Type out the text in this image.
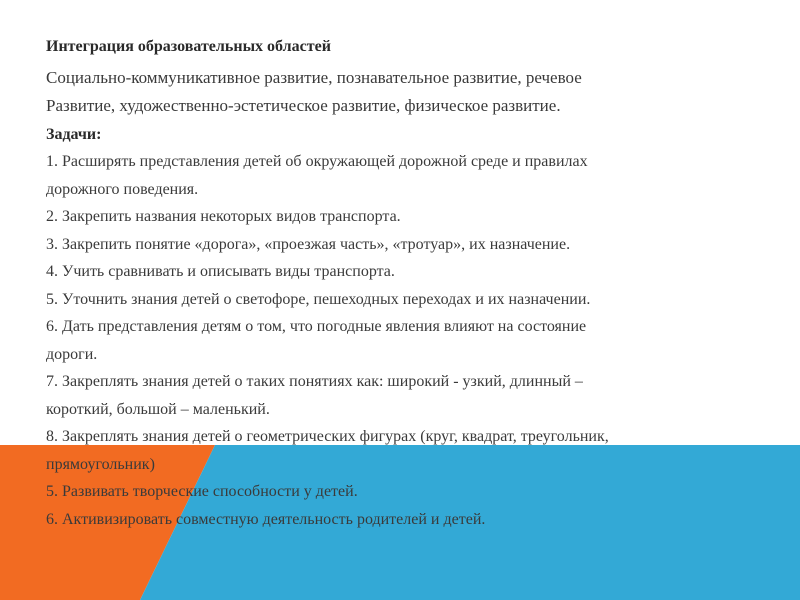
Интеграция образовательных областей

Социально-коммуникативное развитие, познавательное развитие, речевое

Развитие, художественно-эстетическое развитие, физическое развитие.

Задачи:

1. Расширять представления детей об окружающей дорожной среде и правилах

дорожного поведения.

2. Закрепить названия некоторых видов транспорта.

3. Закрепить понятие «дорога», «проезжая часть», «тротуар», их назначение.

4. Учить сравнивать и описывать виды транспорта.

5. Уточнить знания детей о светофоре, пешеходных переходах и их назначении.

6. Дать представления детям о том, что погодные явления влияют на состояние

дороги.

7. Закреплять знания детей о таких понятиях как: широкий - узкий, длинный –

короткий, большой – маленький.

8. Закреплять знания детей о геометрических фигурах (круг, квадрат, треугольник,

прямоугольник)

5. Развивать творческие способности у детей.

6. Активизировать совместную деятельность родителей и детей.
